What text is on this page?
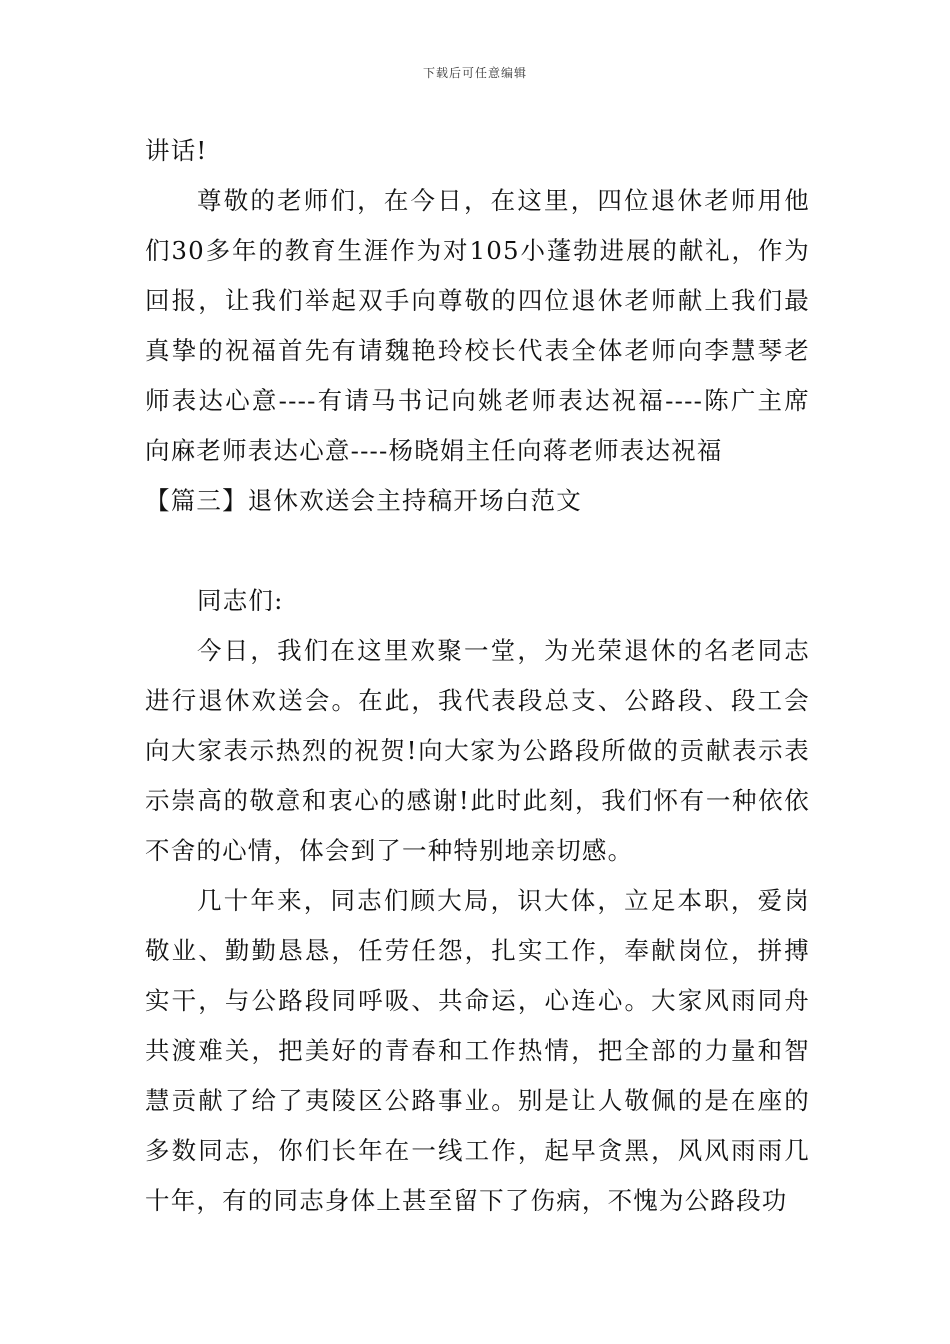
下载后可任意编辑

讲话!

尊敬的老师们，在今日，在这里，四位退休老师用他们30多年的教育生涯作为对105小蓬勃进展的献礼，作为回报，让我们举起双手向尊敬的四位退休老师献上我们最真挚的祝福首先有请魏艳玲校长代表全体老师向李慧琴老师表达心意----有请马书记向姚老师表达祝福----陈广主席向麻老师表达心意----杨晓娟主任向蒋老师表达祝福

【篇三】退休欢送会主持稿开场白范文

同志们:

今日，我们在这里欢聚一堂，为光荣退休的名老同志进行退休欢送会。在此，我代表段总支、公路段、段工会向大家表示热烈的祝贺!向大家为公路段所做的贡献表示表示崇高的敬意和衷心的感谢!此时此刻，我们怀有一种依依不舍的心情，体会到了一种特别地亲切感。

几十年来，同志们顾大局，识大体，立足本职，爱岗敬业、勤勤恳恳，任劳任怨，扎实工作，奉献岗位，拼搏实干，与公路段同呼吸、共命运，心连心。大家风雨同舟共渡难关，把美好的青春和工作热情，把全部的力量和智慧贡献了给了夷陵区公路事业。别是让人敬佩的是在座的多数同志，你们长年在一线工作，起早贪黑，风风雨雨几十年，有的同志身体上甚至留下了伤病，不愧为公路段功
